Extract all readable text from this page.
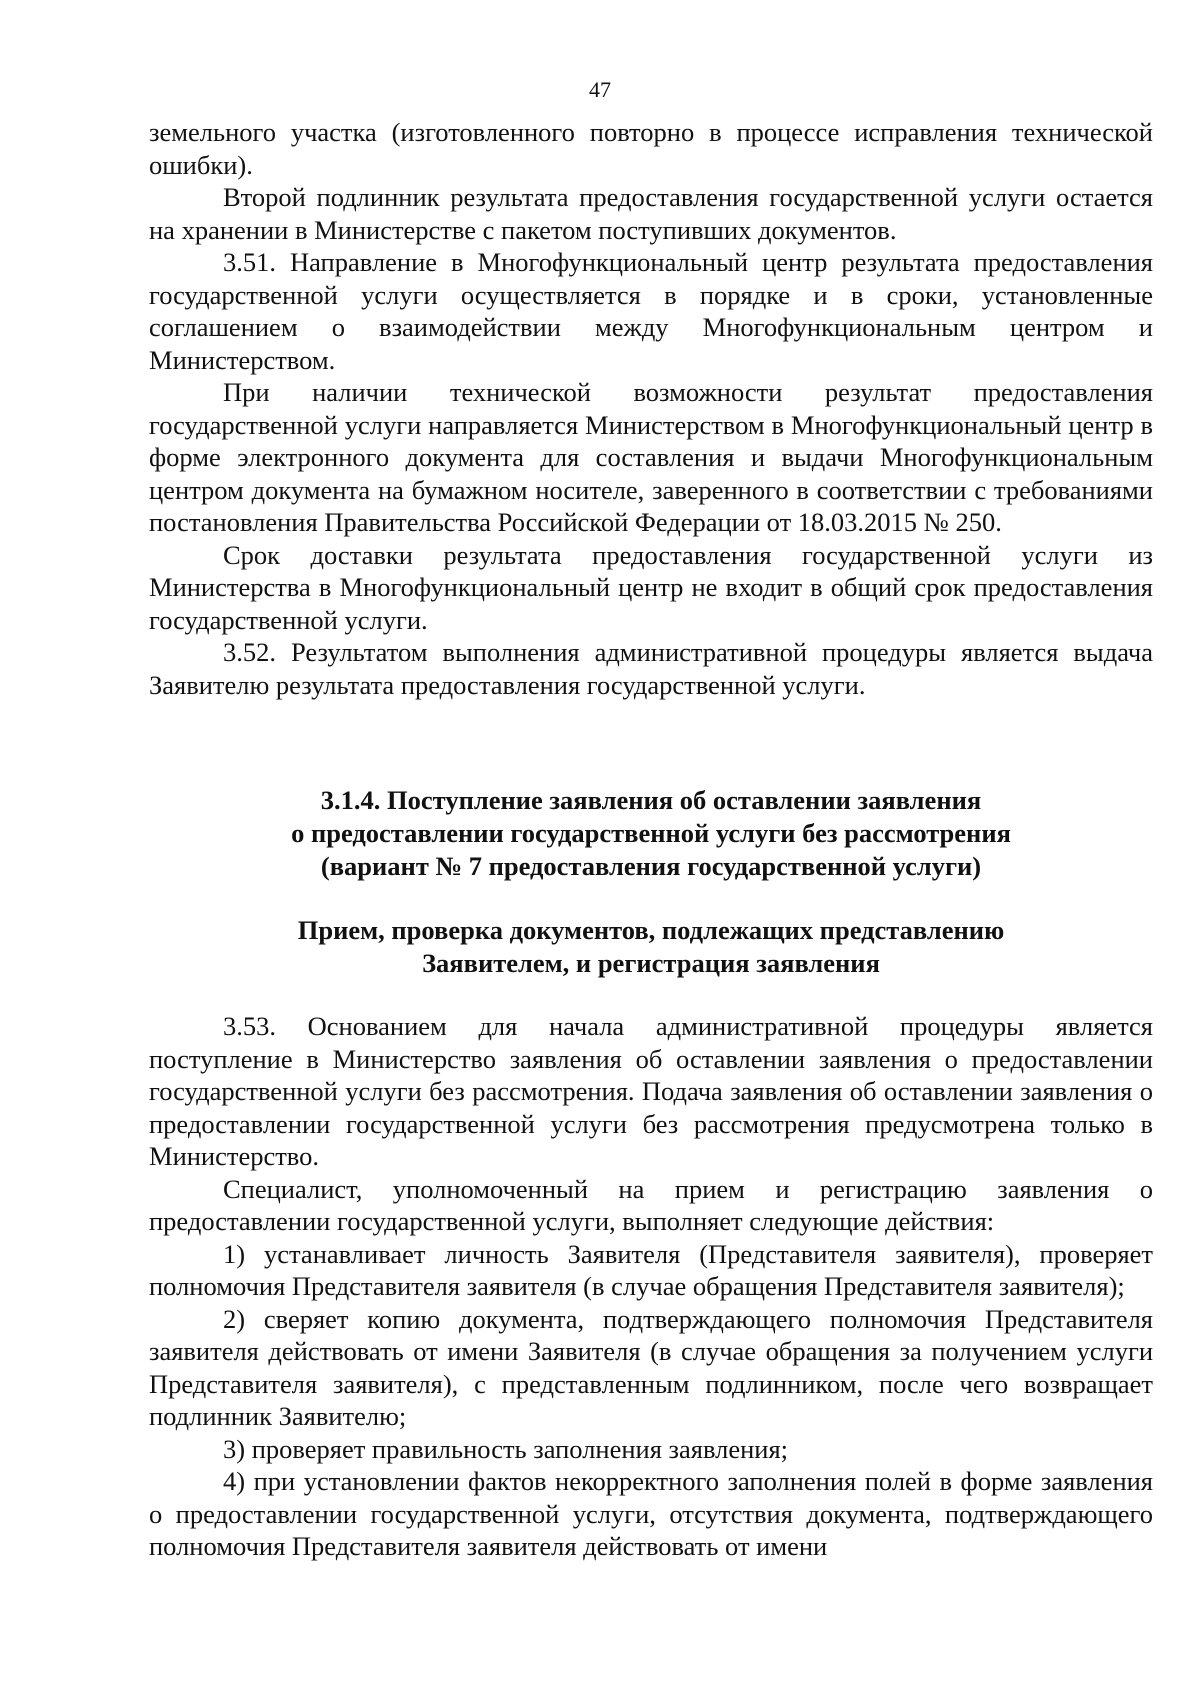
47

земельного участка (изготовленного повторно в процессе исправления технической ошибки).

Второй подлинник результата предоставления государственной услуги остается на хранении в Министерстве с пакетом поступивших документов.

3.51. Направление в Многофункциональный центр результата предоставления государственной услуги осуществляется в порядке и в сроки, установленные соглашением о взаимодействии между Многофункциональным центром и Министерством.

При наличии технической возможности результат предоставления государственной услуги направляется Министерством в Многофункциональный центр в форме электронного документа для составления и выдачи Многофункциональным центром документа на бумажном носителе, заверенного в соответствии с требованиями постановления Правительства Российской Федерации от 18.03.2015 № 250.

Срок доставки результата предоставления государственной услуги из Министерства в Многофункциональный центр не входит в общий срок предоставления государственной услуги.

3.52. Результатом выполнения административной процедуры является выдача Заявителю результата предоставления государственной услуги.

3.1.4. Поступление заявления об оставлении заявления
о предоставлении государственной услуги без рассмотрения
(вариант № 7 предоставления государственной услуги)
Прием, проверка документов, подлежащих представлению
Заявителем, и регистрация заявления

3.53. Основанием для начала административной процедуры является поступление в Министерство заявления об оставлении заявления о предоставлении государственной услуги без рассмотрения. Подача заявления об оставлении заявления о предоставлении государственной услуги без рассмотрения предусмотрена только в Министерство.

Специалист, уполномоченный на прием и регистрацию заявления о предоставлении государственной услуги, выполняет следующие действия:

1) устанавливает личность Заявителя (Представителя заявителя), проверяет полномочия Представителя заявителя (в случае обращения Представителя заявителя);

2) сверяет копию документа, подтверждающего полномочия Представителя заявителя действовать от имени Заявителя (в случае обращения за получением услуги Представителя заявителя), с представленным подлинником, после чего возвращает подлинник Заявителю;

3) проверяет правильность заполнения заявления;

4) при установлении фактов некорректного заполнения полей в форме заявления о предоставлении государственной услуги, отсутствия документа, подтверждающего полномочия Представителя заявителя действовать от имени
